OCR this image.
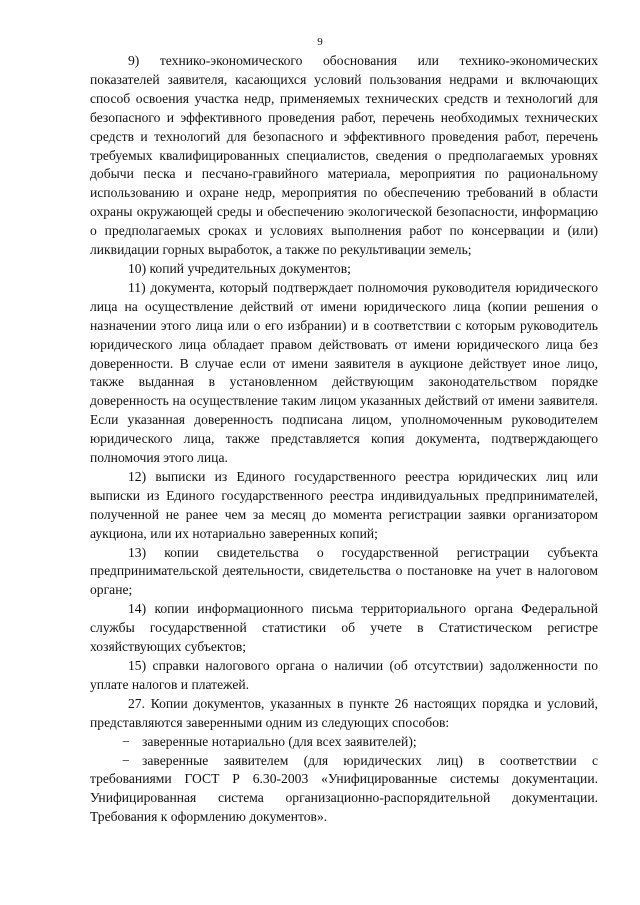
9

9) технико-экономического обоснования или технико-экономических показателей заявителя, касающихся условий пользования недрами и включающих способ освоения участка недр, применяемых технических средств и технологий для безопасного и эффективного проведения работ, перечень необходимых технических средств и технологий для безопасного и эффективного проведения работ, перечень требуемых квалифицированных специалистов, сведения о предполагаемых уровнях добычи песка и песчано-гравийного материала, мероприятия по рациональному использованию и охране недр, мероприятия по обеспечению требований в области охраны окружающей среды и обеспечению экологической безопасности, информацию о предполагаемых сроках и условиях выполнения работ по консервации и (или) ликвидации горных выработок, а также по рекультивации земель;

10) копий учредительных документов;

11) документа, который подтверждает полномочия руководителя юридического лица на осуществление действий от имени юридического лица (копии решения о назначении этого лица или о его избрании) и в соответствии с которым руководитель юридического лица обладает правом действовать от имени юридического лица без доверенности. В случае если от имени заявителя в аукционе действует иное лицо, также выданная в установленном действующим законодательством порядке доверенность на осуществление таким лицом указанных действий от имени заявителя. Если указанная доверенность подписана лицом, уполномоченным руководителем юридического лица, также представляется копия документа, подтверждающего полномочия этого лица.

12) выписки из Единого государственного реестра юридических лиц или выписки из Единого государственного реестра индивидуальных предпринимателей, полученной не ранее чем за месяц до момента регистрации заявки организатором аукциона, или их нотариально заверенных копий;

13) копии свидетельства о государственной регистрации субъекта предпринимательской деятельности, свидетельства о постановке на учет в налоговом органе;

14) копии информационного письма территориального органа Федеральной службы государственной статистики об учете в Статистическом регистре хозяйствующих субъектов;

15) справки налогового органа о наличии (об отсутствии) задолженности по уплате налогов и платежей.

27. Копии документов, указанных в пункте 26 настоящих порядка и условий, представляются заверенными одним из следующих способов:

− заверенные нотариально (для всех заявителей);

− заверенные заявителем (для юридических лиц) в соответствии с требованиями ГОСТ Р 6.30-2003 «Унифицированные системы документации. Унифицированная система организационно-распорядительной документации. Требования к оформлению документов».
